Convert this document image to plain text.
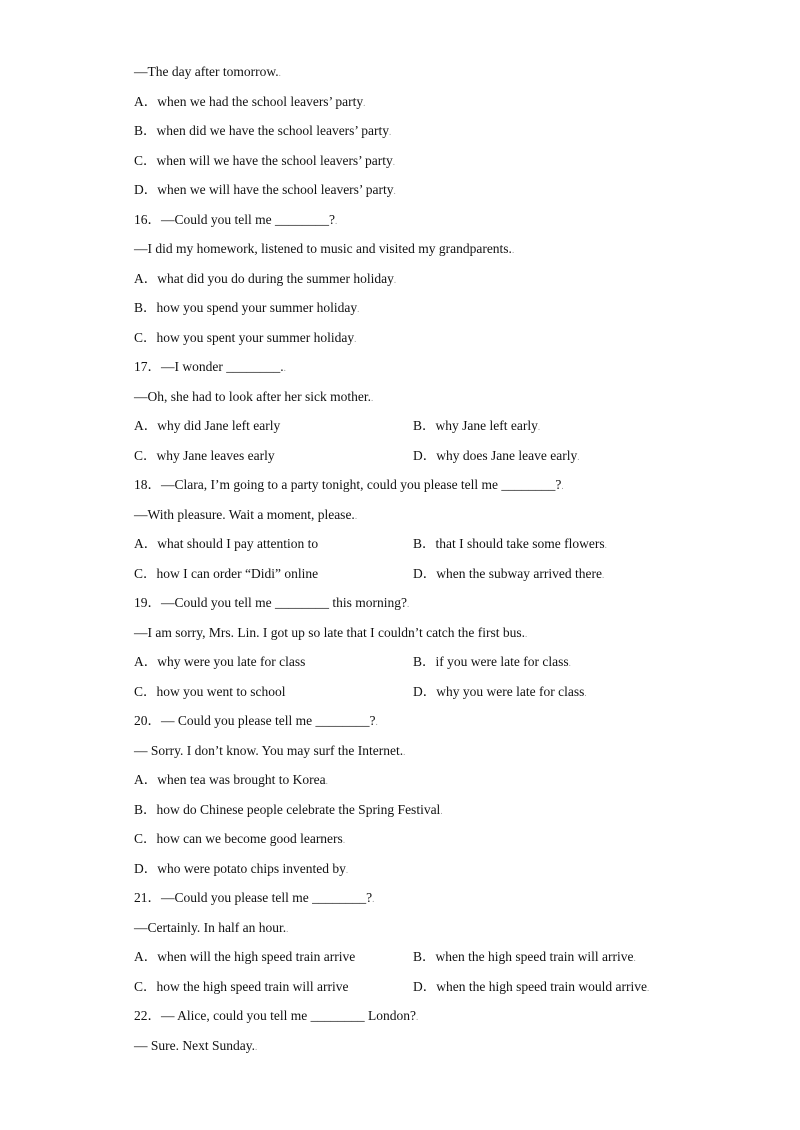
—The day after tomorrow..
A．when we had the school leavers’ party.
B．when did we have the school leavers’ party.
C．when will we have the school leavers’ party.
D．when we will have the school leavers’ party.
16．—Could you tell me ________?.
—I did my homework, listened to music and visited my grandparents..
A．what did you do during the summer holiday.
B．how you spend your summer holiday.
C．how you spent your summer holiday.
17．—I wonder ________..
—Oh, she had to look after her sick mother..
A．why did Jane left early	B．why Jane left early.
C．why Jane leaves early	D．why does Jane leave early.
18．—Clara, I’m going to a party tonight, could you please tell me ________?.
—With pleasure. Wait a moment, please..
A．what should I pay attention to	B．that I should take some flowers.
C．how I can order “Didi” online	D．when the subway arrived there.
19．—Could you tell me ________ this morning?.
—I am sorry, Mrs. Lin. I got up so late that I couldn’t catch the first bus..
A．why were you late for class	B．if you were late for class.
C．how you went to school	D．why you were late for class.
20．— Could you please tell me ________?.
— Sorry. I don’t know. You may surf the Internet..
A．when tea was brought to Korea.
B．how do Chinese people celebrate the Spring Festival.
C．how can we become good learners.
D．who were potato chips invented by.
21．—Could you please tell me ________?.
—Certainly. In half an hour..
A．when will the high speed train arrive	B．when the high speed train will arrive.
C．how the high speed train will arrive	D．when the high speed train would arrive.
22．— Alice, could you tell me ________ London?.
— Sure. Next Sunday..
